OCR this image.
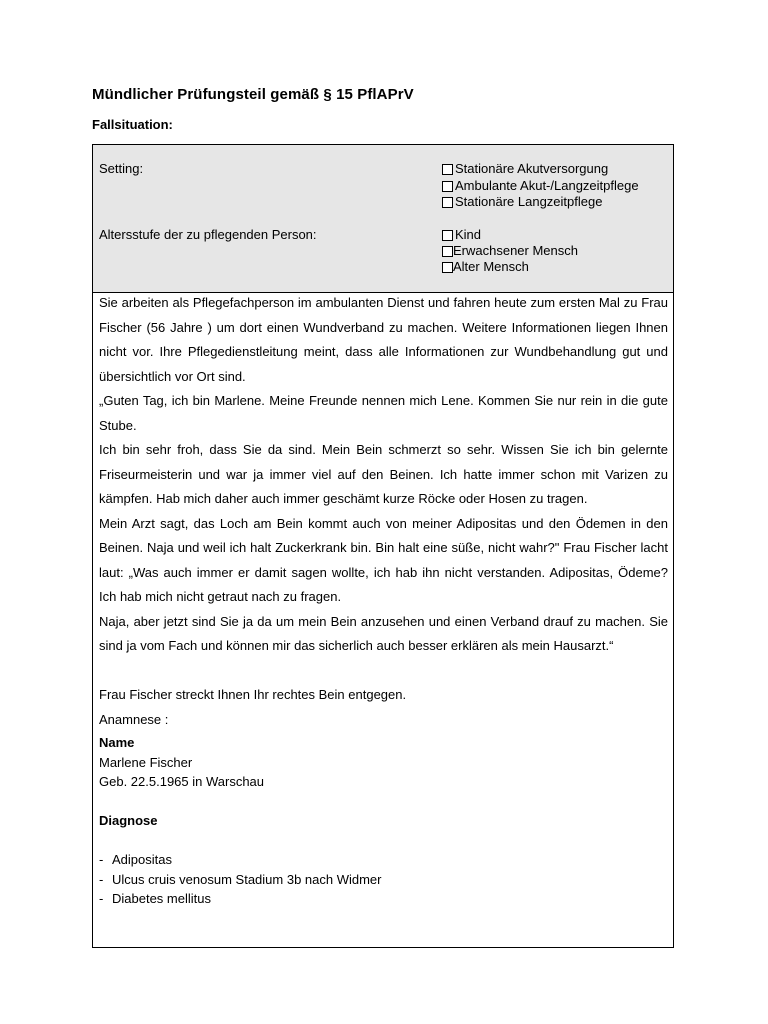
Mündlicher Prüfungsteil gemäß § 15 PflAPrV
Fallsituation:
Setting:	Stationäre Akutversorgung
Ambulante Akut-/Langzeitpflege
Stationäre Langzeitpflege
Altersstufe der zu pflegenden Person:	Kind
Erwachsener Mensch
Alter Mensch

Sie arbeiten als Pflegefachperson im ambulanten Dienst und fahren heute zum ersten Mal zu Frau Fischer (56 Jahre ) um dort einen Wundverband zu machen. Weitere Informationen liegen Ihnen nicht vor. Ihre Pflegedienstleitung meint, dass alle Informationen zur Wundbehandlung gut und übersichtlich vor Ort sind.

„Guten Tag, ich bin Marlene. Meine Freunde nennen mich Lene. Kommen Sie nur rein in die gute Stube.

Ich bin sehr froh, dass Sie da sind. Mein Bein schmerzt so sehr. Wissen Sie ich bin gelernte Friseurmeisterin und war ja immer viel auf den Beinen. Ich hatte immer schon mit Varizen zu kämpfen. Hab mich daher auch immer geschämt kurze Röcke oder Hosen zu tragen.

Mein Arzt sagt, das Loch am Bein kommt auch von meiner Adipositas und den Ödemen in den Beinen. Naja und weil ich halt Zuckerkrank bin. Bin halt eine süße, nicht wahr?" Frau Fischer lacht laut: „Was auch immer er damit sagen wollte, ich hab ihn nicht verstanden. Adipositas, Ödeme? Ich hab mich nicht getraut nach zu fragen.

Naja, aber jetzt sind Sie ja da um mein Bein anzusehen und einen Verband drauf zu machen. Sie sind ja vom Fach und können mir das sicherlich auch besser erklären als mein Hausarzt.“

Frau Fischer streckt Ihnen Ihr rechtes Bein entgegen.

Anamnese :

Name

Marlene Fischer

Geb. 22.5.1965 in Warschau

Diagnose

- Adipositas

- Ulcus cruis venosum Stadium 3b nach Widmer

- Diabetes mellitus
